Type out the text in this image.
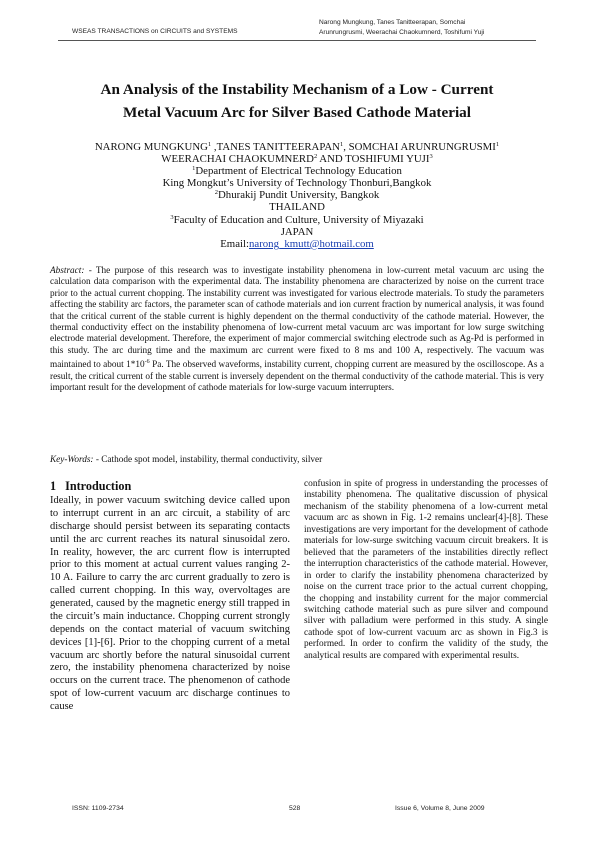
WSEAS TRANSACTIONS on CIRCUITS and SYSTEMS
Narong Mungkung, Tanes Tanitteerapan, Somchai
Arunrungrusmi, Weerachai Chaokumnerd, Toshifumi Yuji
An Analysis of the Instability Mechanism of a Low - Current
Metal Vacuum Arc for Silver Based Cathode Material
NARONG MUNGKUNG$^1$ ,TANES TANITTEERAPAN$^1$, SOMCHAI ARUNRUNGRUSMI$^1$
WEERACHAI CHAOKUMNERD$^2$ AND TOSHIFUMI YUJI$^3$
$^1$Department of Electrical Technology Education
King Mongkut’s University of Technology Thonburi,Bangkok
$^2$Dhurakij Pundit University, Bangkok
THAILAND
$^3$Faculty of Education and Culture, University of Miyazaki
JAPAN
Email:narong_kmutt@hotmail.com
Abstract: - The purpose of this research was to investigate instability phenomena in low-current metal vacuum arc using the calculation data comparison with the experimental data. The instability phenomena are characterized by noise on the current trace prior to the actual current chopping. The instability current was investigated for various electrode materials. To study the parameters affecting the stability arc factors, the parameter scan of cathode materials and ion current fraction by numerical analysis, it was found that the critical current of the stable current is highly dependent on the thermal conductivity of the cathode material. However, the thermal conductivity effect on the instability phenomena of low-current metal vacuum arc was important for low surge switching electrode material development. Therefore, the experiment of major commercial switching electrode such as Ag-Pd is performed in this study. The arc during time and the maximum arc current were fixed to 8 ms and 100 A, respectively. The vacuum was maintained to about $1*10^{-6}$ Pa. The observed waveforms, instability current, chopping current are measured by the oscilloscope. As a result, the critical current of the stable current is inversely dependent on the thermal conductivity of the cathode material. This is very important result for the development of cathode materials for low-surge vacuum interrupters.
Key-Words: - Cathode spot model, instability, thermal conductivity, silver
1 Introduction
Ideally, in power vacuum switching device called upon to interrupt current in an arc circuit, a stability of arc discharge should persist between its separating contacts until the arc current reaches its natural sinusoidal zero. In reality, however, the arc current flow is interrupted prior to this moment at actual current values ranging 2-10 A. Failure to carry the arc current gradually to zero is called current chopping. In this way, overvoltages are generated, caused by the magnetic energy still trapped in the circuit’s main inductance. Chopping current strongly depends on the contact material of vacuum switching devices [1]-[6]. Prior to the chopping current of a metal vacuum arc shortly before the natural sinusoidal current zero, the instability phenomena characterized by noise occurs on the current trace. The phenomenon of cathode spot of low-current vacuum arc discharge continues to cause
confusion in spite of progress in understanding the processes of instability phenomena. The qualitative discussion of physical mechanism of the stability phenomena of a low-current metal vacuum arc as shown in Fig. 1-2 remains unclear[4]-[8]. These investigations are very important for the development of cathode materials for low-surge switching vacuum circuit breakers. It is believed that the parameters of the instabilities directly reflect the interruption characteristics of the cathode material. However, in order to clarify the instability phenomena characterized by noise on the current trace prior to the actual current chopping, the chopping and instability current for the major commercial switching cathode material such as pure silver and compound silver with palladium were performed in this study. A single cathode spot of low-current vacuum arc as shown in Fig.3 is performed. In order to confirm the validity of the study, the analytical results are compared with experimental results.
ISSN: 1109-2734	528	Issue 6, Volume 8, June 2009
